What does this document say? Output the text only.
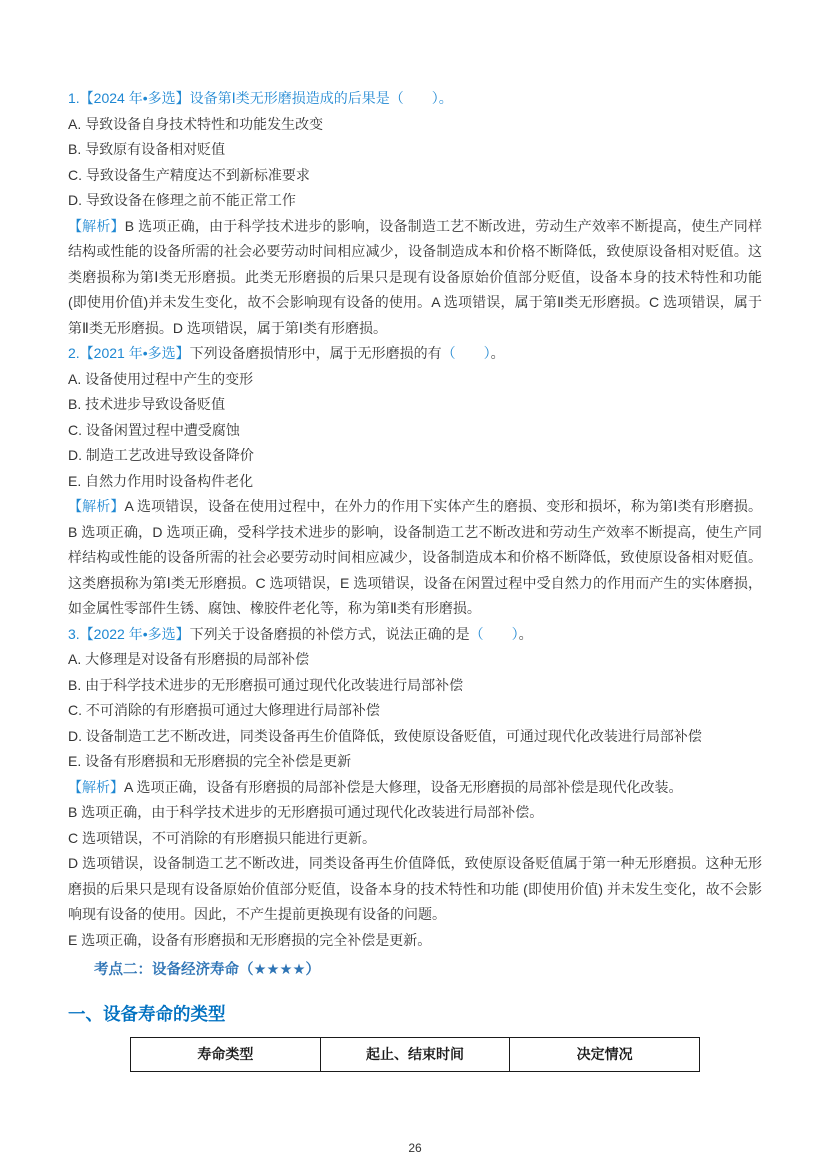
1.【2024 年•多选】设备第Ⅰ类无形磨损造成的后果是（　　）。

A. 导致设备自身技术特性和功能发生改变

B. 导致原有设备相对贬值

C. 导致设备生产精度达不到新标准要求

D. 导致设备在修理之前不能正常工作

【解析】B 选项正确，由于科学技术进步的影响，设备制造工艺不断改进，劳动生产效率不断提高，使生产同样结构或性能的设备所需的社会必要劳动时间相应减少，设备制造成本和价格不断降低，致使原设备相对贬值。这类磨损称为第Ⅰ类无形磨损。此类无形磨损的后果只是现有设备原始价值部分贬值，设备本身的技术特性和功能(即使用价值)并未发生变化，故不会影响现有设备的使用。A 选项错误，属于第Ⅱ类无形磨损。C 选项错误，属于第Ⅱ类无形磨损。D 选项错误，属于第Ⅰ类有形磨损。

2.【2021 年•多选】下列设备磨损情形中，属于无形磨损的有（　　）。

A. 设备使用过程中产生的变形

B. 技术进步导致设备贬值

C. 设备闲置过程中遭受腐蚀

D. 制造工艺改进导致设备降价

E. 自然力作用时设备构件老化

【解析】A 选项错误，设备在使用过程中，在外力的作用下实体产生的磨损、变形和损坏，称为第Ⅰ类有形磨损。B 选项正确，D 选项正确，受科学技术进步的影响，设备制造工艺不断改进和劳动生产效率不断提高，使生产同样结构或性能的设备所需的社会必要劳动时间相应减少，设备制造成本和价格不断降低，致使原设备相对贬值。这类磨损称为第Ⅰ类无形磨损。C 选项错误，E 选项错误，设备在闲置过程中受自然力的作用而产生的实体磨损，如金属性零部件生锈、腐蚀、橡胶件老化等，称为第Ⅱ类有形磨损。

3.【2022 年•多选】下列关于设备磨损的补偿方式，说法正确的是（　　）。

A. 大修理是对设备有形磨损的局部补偿

B. 由于科学技术进步的无形磨损可通过现代化改装进行局部补偿

C. 不可消除的有形磨损可通过大修理进行局部补偿

D. 设备制造工艺不断改进，同类设备再生价值降低，致使原设备贬值，可通过现代化改装进行局部补偿

E. 设备有形磨损和无形磨损的完全补偿是更新

【解析】A 选项正确，设备有形磨损的局部补偿是大修理，设备无形磨损的局部补偿是现代化改装。

B 选项正确，由于科学技术进步的无形磨损可通过现代化改装进行局部补偿。

C 选项错误，不可消除的有形磨损只能进行更新。

D 选项错误，设备制造工艺不断改进，同类设备再生价值降低，致使原设备贬值属于第一种无形磨损。这种无形磨损的后果只是现有设备原始价值部分贬值，设备本身的技术特性和功能 (即使用价值) 并未发生变化，故不会影响现有设备的使用。因此，不产生提前更换现有设备的问题。

E 选项正确，设备有形磨损和无形磨损的完全补偿是更新。

考点二：设备经济寿命（★★★★）

一、设备寿命的类型

寿命类型	起止、结束时间	决定情况
26
